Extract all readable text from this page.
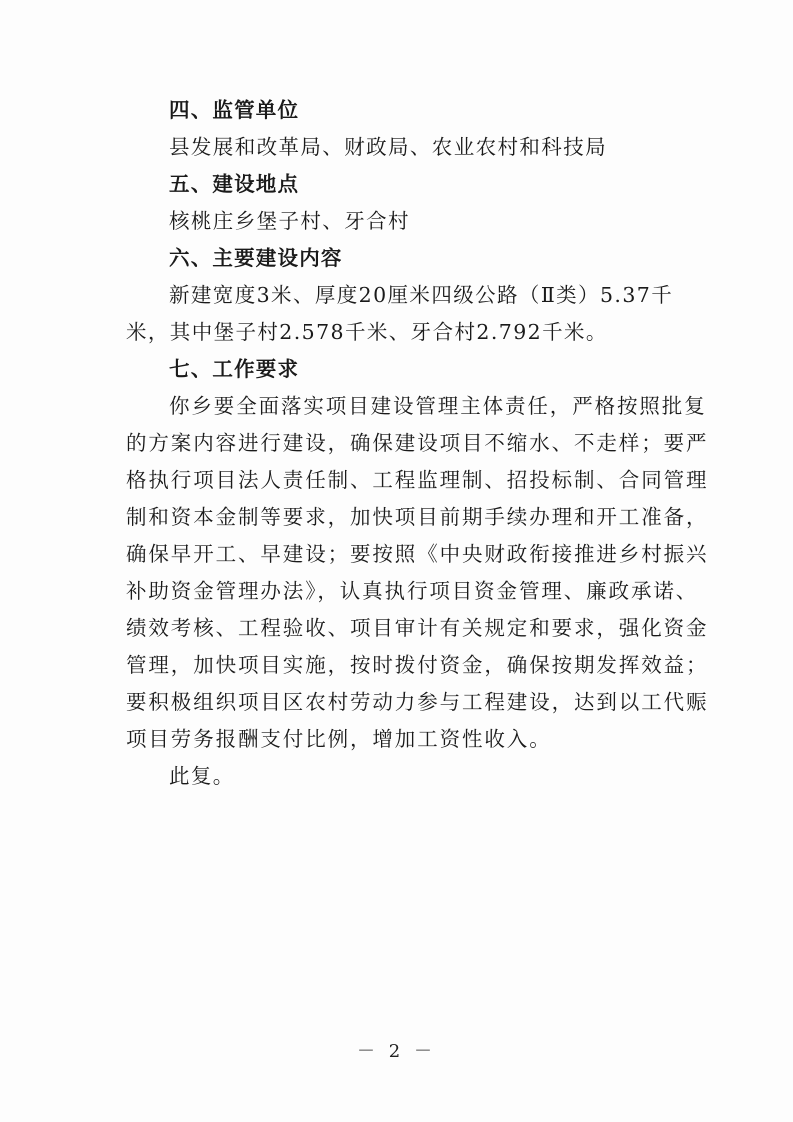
四、监管单位
县发展和改革局、财政局、农业农村和科技局
五、建设地点
核桃庄乡堡子村、牙合村
六、主要建设内容
新建宽度3米、厚度20厘米四级公路（Ⅱ类）5.37千
米，其中堡子村2.578千米、牙合村2.792千米。
七、工作要求
你乡要全面落实项目建设管理主体责任，严格按照批复
的方案内容进行建设，确保建设项目不缩水、不走样；要严
格执行项目法人责任制、工程监理制、招投标制、合同管理
制和资本金制等要求，加快项目前期手续办理和开工准备，
确保早开工、早建设；要按照《中央财政衔接推进乡村振兴
补助资金管理办法》，认真执行项目资金管理、廉政承诺、
绩效考核、工程验收、项目审计有关规定和要求，强化资金
管理，加快项目实施，按时拨付资金，确保按期发挥效益；
要积极组织项目区农村劳动力参与工程建设，达到以工代赈
项目劳务报酬支付比例，增加工资性收入。
此复。
－ 2 －
